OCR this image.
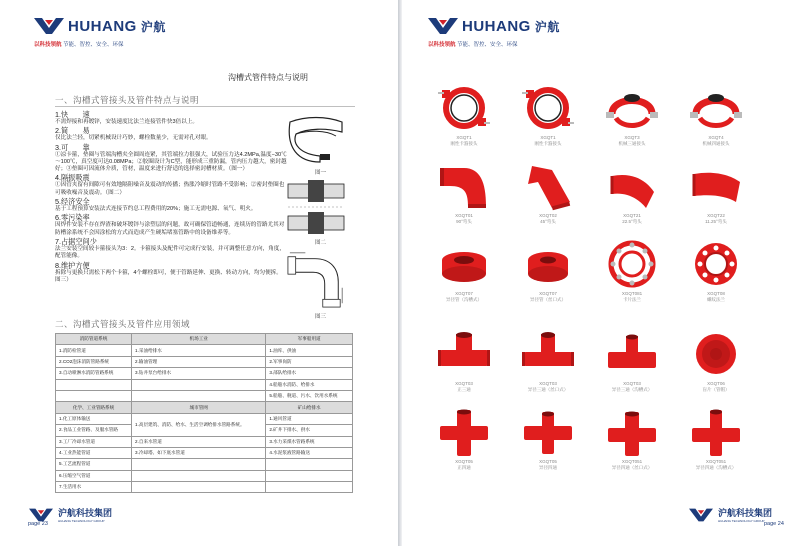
HUHANG 沪航
以科技领航 节能、智控、安全、环保
沟槽式管件特点与说明
一、沟槽式管接头及管件特点与说明
1.快　　速
不需焊接和再镀锌，安装速度比法兰连接管件快3倍以上。
2.简　　易
仅比法兰轻，切紧机械设计巧妙，螺栓数量少，无需对孔对眼。
3.可　　靠
①凉卡箍，垫圈与管端沟槽夹全圆周连紧，其管端拉力很强大，试验压力达4.2MPa,温度−30℃～100℃，真空度可达0.08MPa；②胶圈设计为C型，能形成三重防漏，管内压力越大，密封越好；③垫圈可因流体介质，管材，温度来进行舒适的选择密封槽材质。（图一）
4.隔振吸震
①因管夹留有间隙可有效地隔阻噪音及震动的传播；热胀冷缩时管路不受影响；②密封垫圈也可吸收噪音及震动。（图二）
5.经济安全
基于工程预算安装法式连接节约总工程费用的20%；施工无需电源、氧气、明火。
6.零污染率
因焊件安装不存在焊渣和破坏镀锌与涂塑层的问题，故可确保管道畅通，连续历的管路尤其对防槽涂系统不会因涂松的方式而造成产生硬垢堵塞管路中的设备维养等。
7.占据空间少
法兰安装空间较卡箍接头为3：2。卡箍接头及配件可完成行安装，并可调整任意方向，角度，配管能像。
8.维护方便
拆除与更换只需松下两个卡箍，4个螺栓即可，便于管路延伸、更换、转动方向，均匀便拆。图三）
图一
图二
图三
二、沟槽式管接头及管件应用领域
消防管道系统	机场工业	军事船用道
1.消防栓管道	1.采油给排水	1.油库、供油
2.CO2泡沫消防管路系统	2.输油管理	2.军事岗防
3.自动喷淋水消防管路系统	3.钻井泵台给排水	3.部队给排水
		4.船舶水消防、给排水
		5.船舶、舰道、污水、饮用水系统
化学、工业管路系统	城市管网	矿山给排水
1.化工原体输送	1.高层建筑、消防、给水、生活空调给排水管路系统。	1.通风管道
2.食品工业管路、及服水管路		2.矿井下排水、供水
3.工厂冷却水管道	2.自来水管道	3.水力采煤水管路系统
4.工业热能管道	3.冷却塔、如下底水管道	4.水泥浆液管路输送
5.工艺流程管道		
6.压缩空气管道		
7.生活用水		
沪航科技集团
HUHANG TECHNOLOGY GROUP
page 23
HUHANG 沪航
以科技领航 节能、智控、安全、环保
沪航科技集团
HUHANG TECHNOLOGY GROUP page 24
XGQT1
刚性卡箍接头
XGQT1
刚性卡箍接头
XGQT3
机械三通接头
XGQT4
机械四通接头
XGQT01
90°弯头
XGQT02
45°弯头
XGQT21
22.5°弯头
XGQT22
11.25°弯头
XGQT07
异径管（沟槽式）
XGQT07
异径管（丝口式）
XGQT081
卡片法兰
XGQT08
螺纹法兰
XGQT03
正三通
XGQT03
异径三通（丝口式）
XGQT03
异径三通（沟槽式）
XGQT06
盲片（管帽）
XGQT05
正四通
XGQT05
异径四通
XGQT051
异径四通（丝口式）
XGQT051
异径四通（沟槽式）
